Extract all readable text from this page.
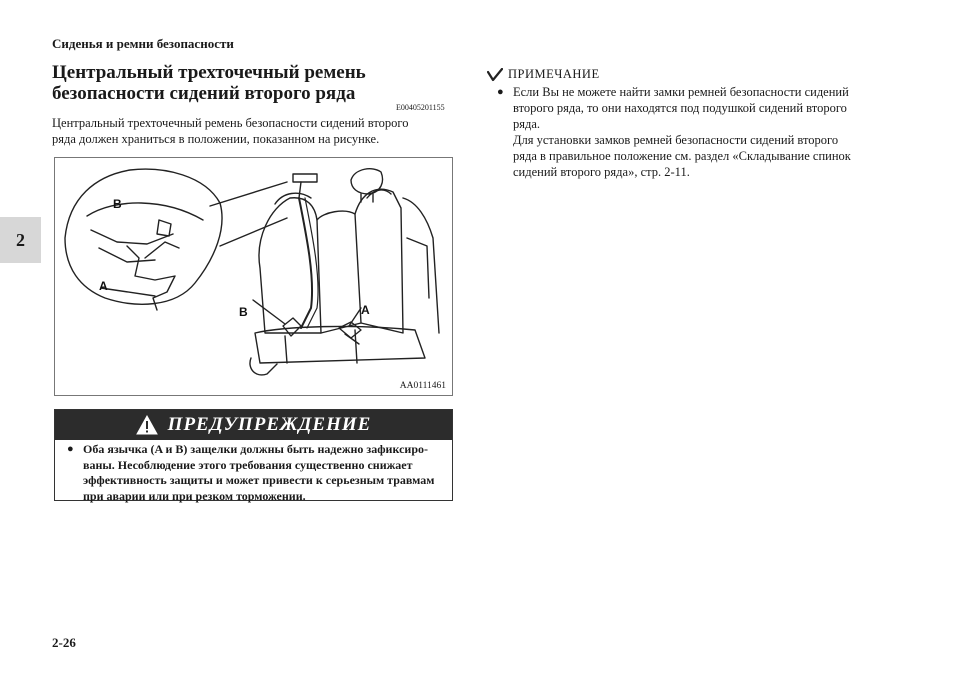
Сиденья и ремни безопасности
2
Центральный трехточечный ремень
безопасности сидений второго ряда
E00405201155
Центральный трехточечный ремень безопасности сидений второго
ряда должен храниться в положении, показанном на рисунке.
B
A
B	A
AA0111461
ПРЕДУПРЕЖДЕНИЕ
● Оба язычка (A и B) защелки должны быть надежно зафиксиро-
ваны. Несоблюдение этого требования существенно снижает
эффективность защиты и может привести к серьезным травмам
при аварии или при резком торможении.
ПРИМЕЧАНИЕ
● Если Вы не можете найти замки ремней безопасности сидений
второго ряда, то они находятся под подушкой сидений второго
ряда.
Для установки замков ремней безопасности сидений второго
ряда в правильное положение см. раздел «Складывание спинок
сидений второго ряда», стр. 2-11.
2-26
